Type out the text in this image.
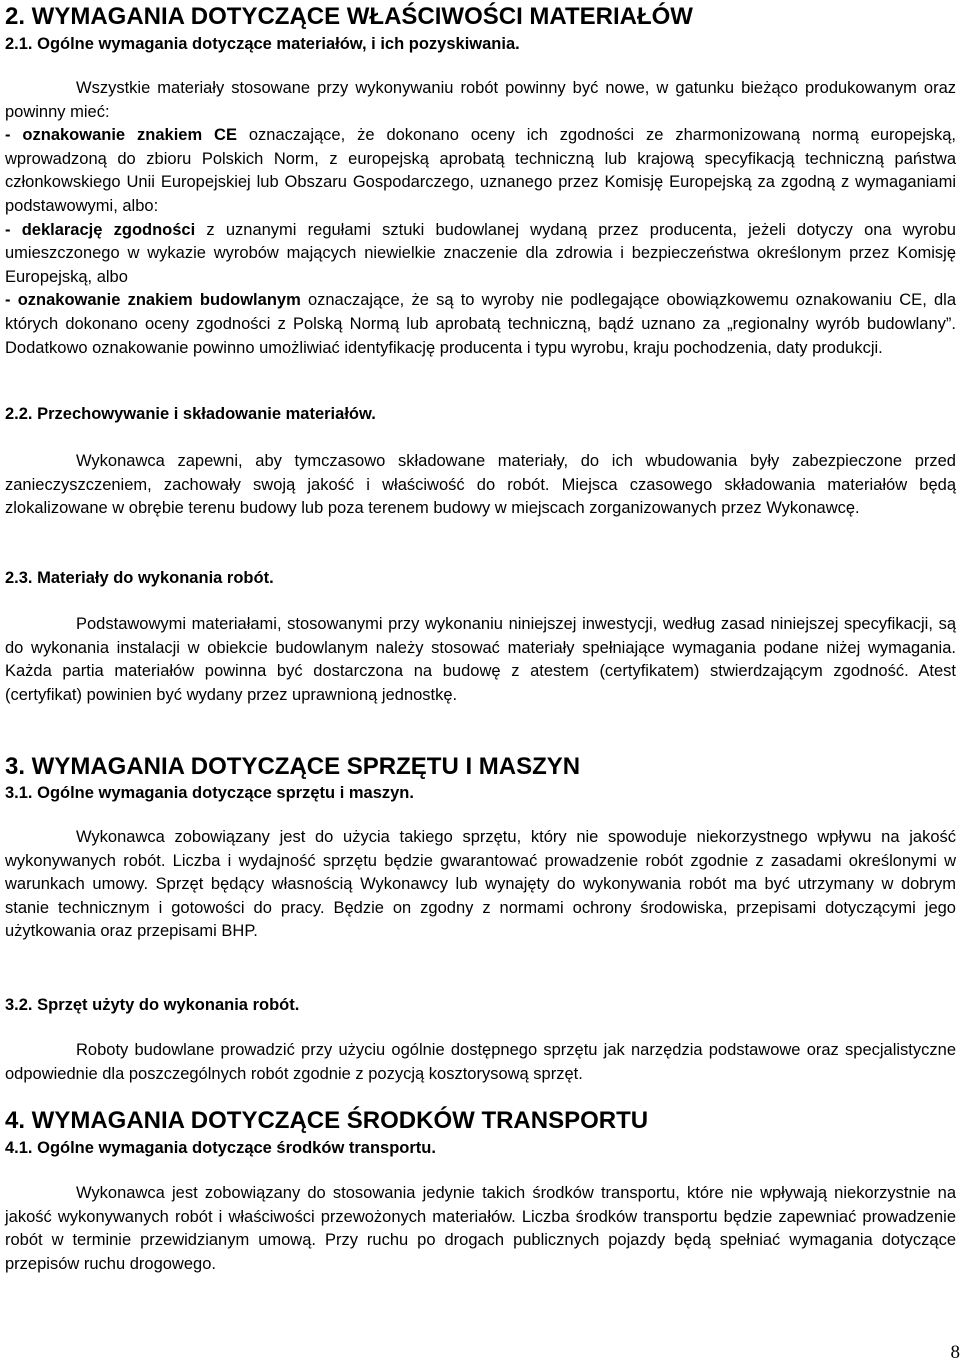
2. WYMAGANIA DOTYCZĄCE WŁAŚCIWOŚCI MATERIAŁÓW
2.1. Ogólne wymagania dotyczące materiałów, i ich pozyskiwania.

Wszystkie materiały stosowane przy wykonywaniu robót powinny być nowe, w gatunku bieżąco produkowanym oraz powinny mieć:

- oznakowanie znakiem CE oznaczające, że dokonano oceny ich zgodności ze zharmonizowaną normą europejską, wprowadzoną do zbioru Polskich Norm, z europejską aprobatą techniczną lub krajową specyfikacją techniczną państwa członkowskiego Unii Europejskiej lub Obszaru Gospodarczego, uznanego przez Komisję Europejską za zgodną z wymaganiami podstawowymi, albo:

- deklarację zgodności z uznanymi regułami sztuki budowlanej wydaną przez producenta, jeżeli dotyczy ona wyrobu umieszczonego w wykazie wyrobów mających niewielkie znaczenie dla zdrowia i bezpieczeństwa określonym przez Komisję Europejską, albo

- oznakowanie znakiem budowlanym oznaczające, że są to wyroby nie podlegające obowiązkowemu oznakowaniu CE, dla których dokonano oceny zgodności z Polską Normą lub aprobatą techniczną, bądź uznano za „regionalny wyrób budowlany”. Dodatkowo oznakowanie powinno umożliwiać identyfikację producenta i typu wyrobu, kraju pochodzenia, daty produkcji.

2.2. Przechowywanie i składowanie materiałów.

Wykonawca zapewni, aby tymczasowo składowane materiały, do ich wbudowania były zabezpieczone przed zanieczyszczeniem, zachowały swoją jakość i właściwość do robót. Miejsca czasowego składowania materiałów będą zlokalizowane w obrębie terenu budowy lub poza terenem budowy w miejscach zorganizowanych przez Wykonawcę.

2.3. Materiały do wykonania robót.

Podstawowymi materiałami, stosowanymi przy wykonaniu niniejszej inwestycji, według zasad niniejszej specyfikacji, są do wykonania instalacji w obiekcie budowlanym należy stosować materiały spełniające wymagania podane niżej wymagania. Każda partia materiałów powinna być dostarczona na budowę z atestem (certyfikatem) stwierdzającym zgodność. Atest (certyfikat) powinien być wydany przez uprawnioną jednostkę.

3. WYMAGANIA DOTYCZĄCE SPRZĘTU I MASZYN
3.1. Ogólne wymagania dotyczące sprzętu i maszyn.

Wykonawca zobowiązany jest do użycia takiego sprzętu, który nie spowoduje niekorzystnego wpływu na jakość wykonywanych robót. Liczba i wydajność sprzętu będzie gwarantować prowadzenie robót zgodnie z zasadami określonymi w warunkach umowy. Sprzęt będący własnością Wykonawcy lub wynajęty do wykonywania robót ma być utrzymany w dobrym stanie technicznym i gotowości do pracy. Będzie on zgodny z normami ochrony środowiska, przepisami dotyczącymi jego użytkowania oraz przepisami BHP.

3.2. Sprzęt użyty do wykonania robót.

Roboty budowlane prowadzić przy użyciu ogólnie dostępnego sprzętu jak narzędzia podstawowe oraz specjalistyczne odpowiednie dla poszczególnych robót zgodnie z pozycją kosztorysową sprzęt.

4. WYMAGANIA DOTYCZĄCE ŚRODKÓW TRANSPORTU
4.1. Ogólne wymagania dotyczące środków transportu.

Wykonawca jest zobowiązany do stosowania jedynie takich środków transportu, które nie wpływają niekorzystnie na jakość wykonywanych robót i właściwości przewożonych materiałów. Liczba środków transportu będzie zapewniać prowadzenie robót w terminie przewidzianym umową. Przy ruchu po drogach publicznych pojazdy będą spełniać wymagania dotyczące przepisów ruchu drogowego.

8
